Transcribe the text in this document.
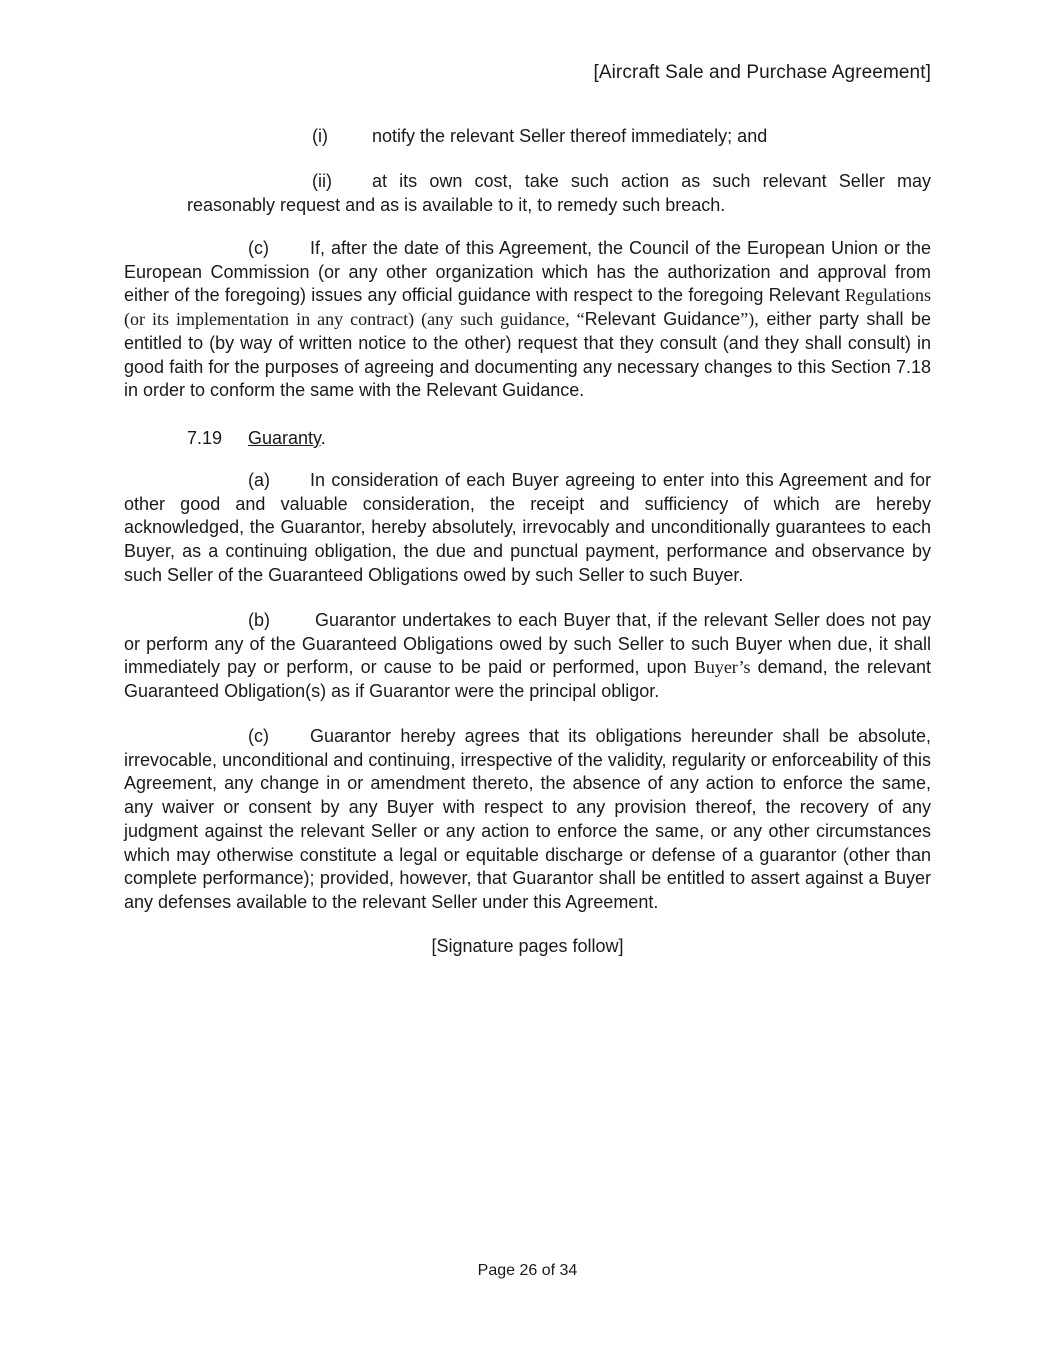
[Aircraft Sale and Purchase Agreement]
(i) notify the relevant Seller thereof immediately; and
(ii) at its own cost, take such action as such relevant Seller may reasonably request and as is available to it, to remedy such breach.

(c) If, after the date of this Agreement, the Council of the European Union or the European Commission (or any other organization which has the authorization and approval from either of the foregoing) issues any official guidance with respect to the foregoing Relevant Regulations (or its implementation in any contract) (any such guidance, “Relevant Guidance”), either party shall be entitled to (by way of written notice to the other) request that they consult (and they shall consult) in good faith for the purposes of agreeing and documenting any necessary changes to this Section 7.18 in order to conform the same with the Relevant Guidance.

7.19 Guaranty.

(a) In consideration of each Buyer agreeing to enter into this Agreement and for other good and valuable consideration, the receipt and sufficiency of which are hereby acknowledged, the Guarantor, hereby absolutely, irrevocably and unconditionally guarantees to each Buyer, as a continuing obligation, the due and punctual payment, performance and observance by such Seller of the Guaranteed Obligations owed by such Seller to such Buyer.

(b)	Guarantor undertakes to each Buyer that, if the relevant Seller does not pay or perform any of the Guaranteed Obligations owed by such Seller to such Buyer when due, it shall immediately pay or perform, or cause to be paid or performed, upon Buyer’s demand, the relevant Guaranteed Obligation(s) as if Guarantor were the principal obligor.

(c) Guarantor hereby agrees that its obligations hereunder shall be absolute, irrevocable, unconditional and continuing, irrespective of the validity, regularity or enforceability of this Agreement, any change in or amendment thereto, the absence of any action to enforce the same, any waiver or consent by any Buyer with respect to any provision thereof, the recovery of any judgment against the relevant Seller or any action to enforce the same, or any other circumstances which may otherwise constitute a legal or equitable discharge or defense of a guarantor (other than complete performance); provided, however, that Guarantor shall be entitled to assert against a Buyer any defenses available to the relevant Seller under this Agreement.

[Signature pages follow]
Page 26 of 34
